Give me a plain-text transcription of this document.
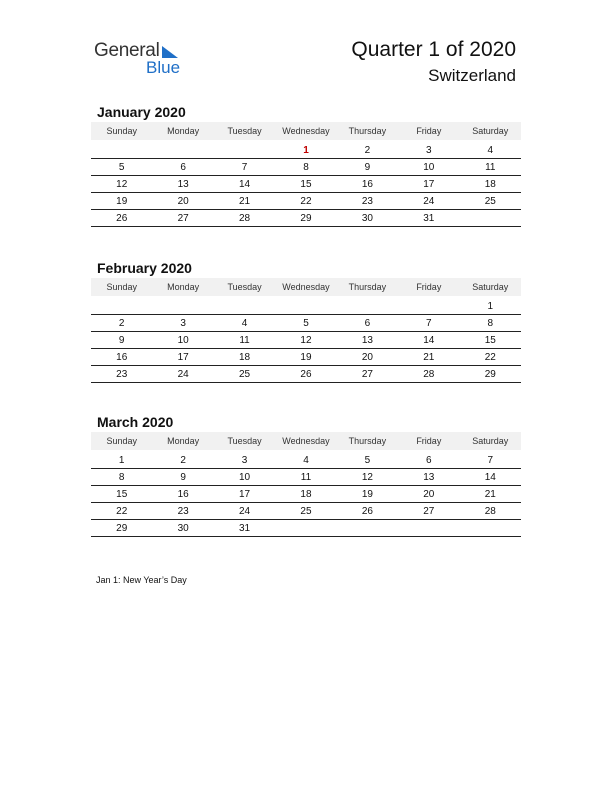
General
Blue
Quarter 1 of 2020
Switzerland
January 2020
Sunday	Monday	Tuesday	Wednesday	Thursday	Friday	Saturday

			1	2	3	4
5	6	7	8	9	10	11
12	13	14	15	16	17	18
19	20	21	22	23	24	25
26	27	28	29	30	31	
February 2020
Sunday	Monday	Tuesday	Wednesday	Thursday	Friday	Saturday

						1
2	3	4	5	6	7	8
9	10	11	12	13	14	15
16	17	18	19	20	21	22
23	24	25	26	27	28	29
March 2020
Sunday	Monday	Tuesday	Wednesday	Thursday	Friday	Saturday

1	2	3	4	5	6	7
8	9	10	11	12	13	14
15	16	17	18	19	20	21
22	23	24	25	26	27	28
29	30	31				
Jan 1: New Year’s Day
